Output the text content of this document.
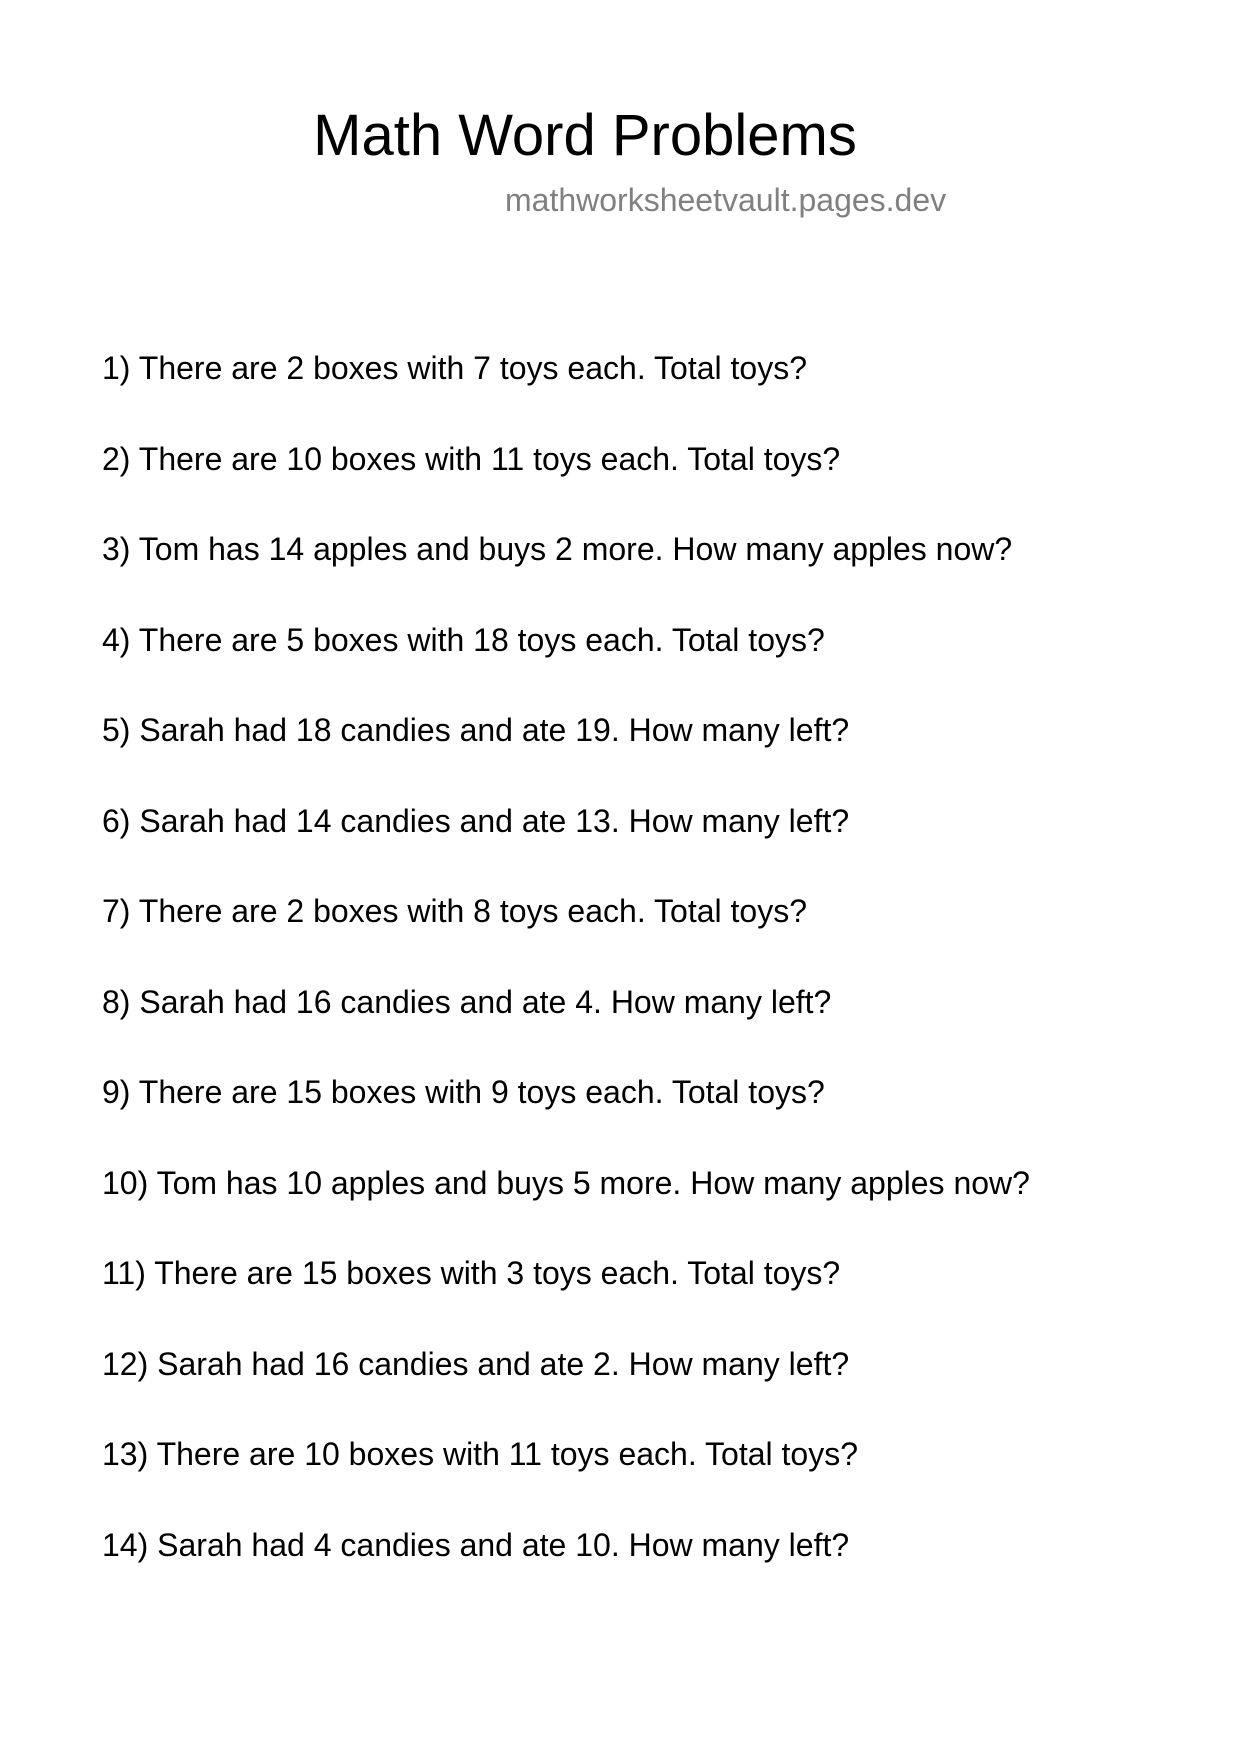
Math Word Problems
mathworksheetvault.pages.dev
1) There are 2 boxes with 7 toys each. Total toys?
2) There are 10 boxes with 11 toys each. Total toys?
3) Tom has 14 apples and buys 2 more. How many apples now?
4) There are 5 boxes with 18 toys each. Total toys?
5) Sarah had 18 candies and ate 19. How many left?
6) Sarah had 14 candies and ate 13. How many left?
7) There are 2 boxes with 8 toys each. Total toys?
8) Sarah had 16 candies and ate 4. How many left?
9) There are 15 boxes with 9 toys each. Total toys?
10) Tom has 10 apples and buys 5 more. How many apples now?
11) There are 15 boxes with 3 toys each. Total toys?
12) Sarah had 16 candies and ate 2. How many left?
13) There are 10 boxes with 11 toys each. Total toys?
14) Sarah had 4 candies and ate 10. How many left?
